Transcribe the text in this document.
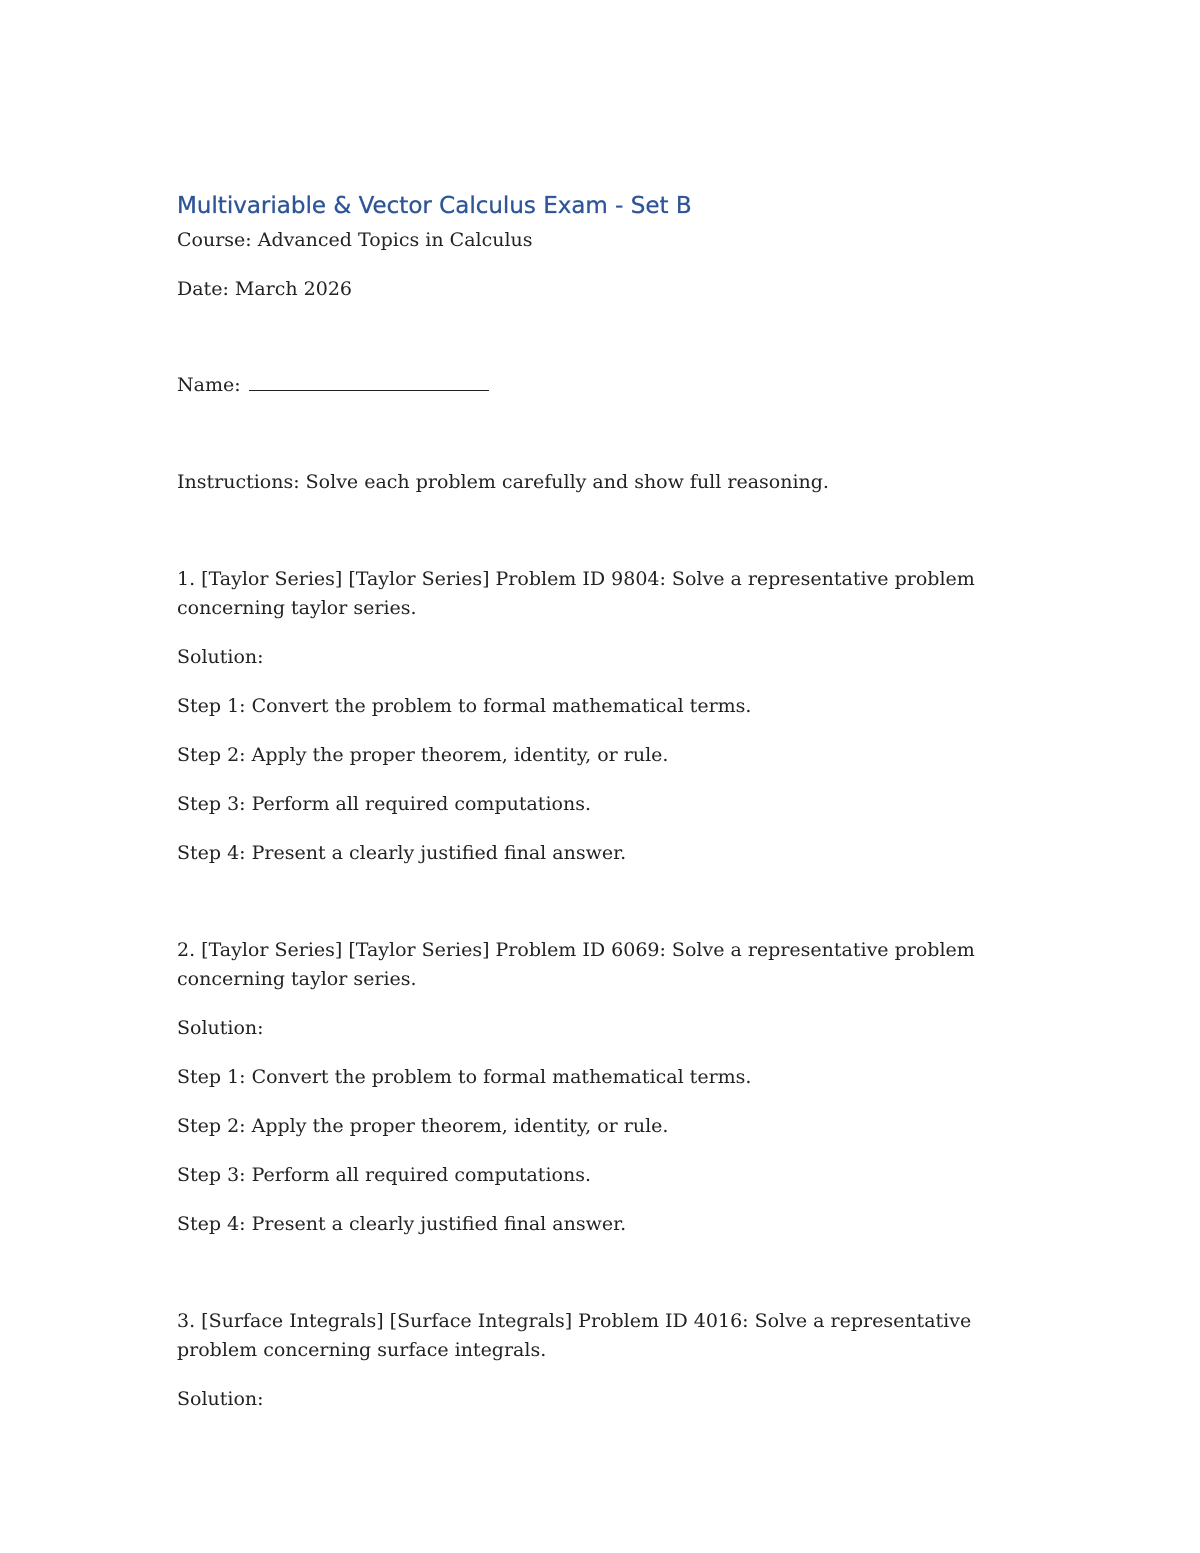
Multivariable & Vector Calculus Exam - Set B

Course: Advanced Topics in Calculus

Date: March 2026

Name:

Instructions: Solve each problem carefully and show full reasoning.

1. [Taylor Series] [Taylor Series] Problem ID 9804: Solve a representative problem concerning taylor series.

Solution:

Step 1: Convert the problem to formal mathematical terms.

Step 2: Apply the proper theorem, identity, or rule.

Step 3: Perform all required computations.

Step 4: Present a clearly justified final answer.

2. [Taylor Series] [Taylor Series] Problem ID 6069: Solve a representative problem concerning taylor series.

Solution:

Step 1: Convert the problem to formal mathematical terms.

Step 2: Apply the proper theorem, identity, or rule.

Step 3: Perform all required computations.

Step 4: Present a clearly justified final answer.

3. [Surface Integrals] [Surface Integrals] Problem ID 4016: Solve a representative problem concerning surface integrals.

Solution:
